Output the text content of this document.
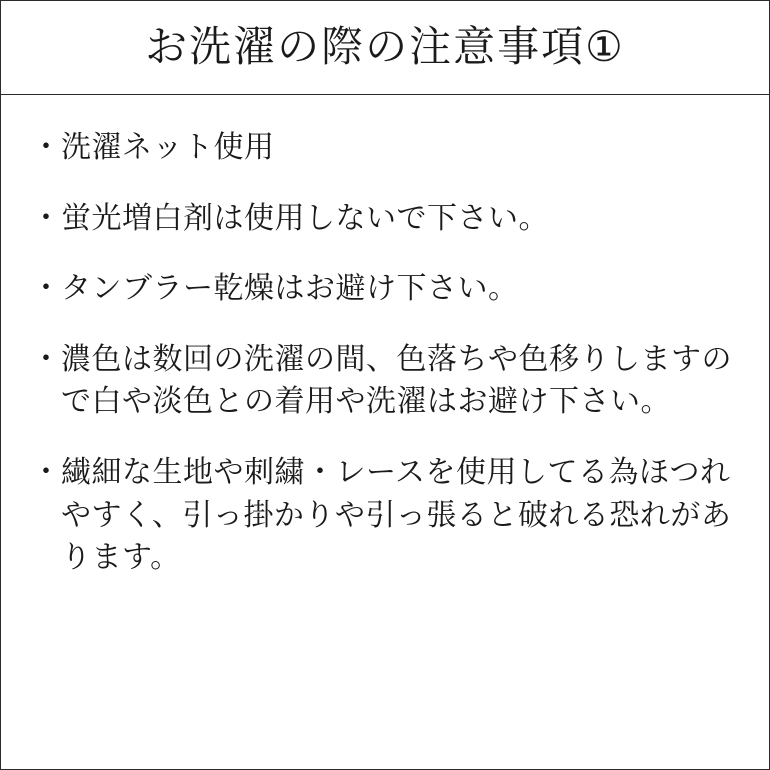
お洗濯の際の注意事項①
・ 洗濯ネット使用
・ 蛍光増白剤は使用しないで下さい。
・ タンブラー乾燥はお避け下さい。
・ 濃色は数回の洗濯の間、色落ちや色移りしますので白や淡色との着用や洗濯はお避け下さい。
・ 繊細な生地や刺繍・レースを使用してる為ほつれやすく、引っ掛かりや引っ張ると破れる恐れがあります。
